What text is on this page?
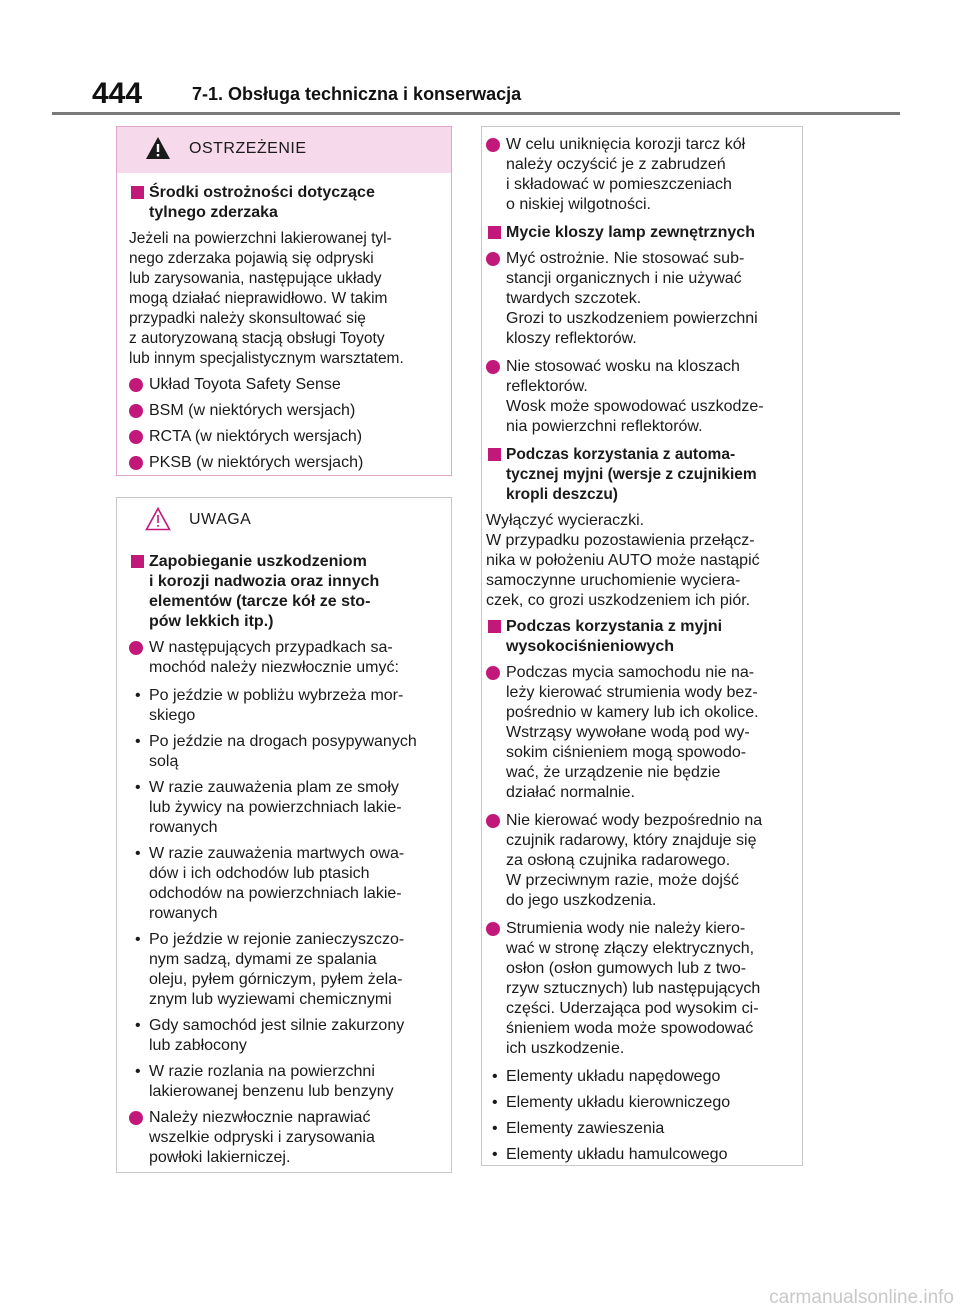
444	7-1. Obsługa techniczna i konserwacja
OSTRZEŻENIE
Środki ostrożności dotyczące
tylnego zderzaka
Jeżeli na powierzchni lakierowanej tyl-
nego zderzaka pojawią się odpryski
lub zarysowania, następujące układy
mogą działać nieprawidłowo. W takim
przypadki należy skonsultować się
z autoryzowaną stacją obsługi Toyoty
lub innym specjalistycznym warsztatem.
Układ Toyota Safety Sense
BSM (w niektórych wersjach)
RCTA (w niektórych wersjach)
PKSB (w niektórych wersjach)
UWAGA
Zapobieganie uszkodzeniom
i korozji nadwozia oraz innych
elementów (tarcze kół ze sto-
pów lekkich itp.)
W następujących przypadkach sa-
mochód należy niezwłocznie umyć:
• Po jeździe w pobliżu wybrzeża mor-
skiego
• Po jeździe na drogach posypywanych
solą
• W razie zauważenia plam ze smoły
lub żywicy na powierzchniach lakie-
rowanych
• W razie zauważenia martwych owa-
dów i ich odchodów lub ptasich
odchodów na powierzchniach lakie-
rowanych
• Po jeździe w rejonie zanieczyszczo-
nym sadzą, dymami ze spalania
oleju, pyłem górniczym, pyłem żela-
znym lub wyziewami chemicznymi
• Gdy samochód jest silnie zakurzony
lub zabłocony
• W razie rozlania na powierzchni
lakierowanej benzenu lub benzyny
Należy niezwłocznie naprawiać
wszelkie odpryski i zarysowania
powłoki lakierniczej.
W celu uniknięcia korozji tarcz kół
należy oczyścić je z zabrudzeń
i składować w pomieszczeniach
o niskiej wilgotności.
Mycie kloszy lamp zewnętrznych
Myć ostrożnie. Nie stosować sub-
stancji organicznych i nie używać
twardych szczotek.
Grozi to uszkodzeniem powierzchni
kloszy reflektorów.
Nie stosować wosku na kloszach
reflektorów.
Wosk może spowodować uszkodze-
nia powierzchni reflektorów.
Podczas korzystania z automa-
tycznej myjni (wersje z czujnikiem
kropli deszczu)
Wyłączyć wycieraczki.
W przypadku pozostawienia przełącz-
nika w położeniu AUTO może nastąpić
samoczynne uruchomienie wyciera-
czek, co grozi uszkodzeniem ich piór.
Podczas korzystania z myjni
wysokociśnieniowych
Podczas mycia samochodu nie na-
leży kierować strumienia wody bez-
pośrednio w kamery lub ich okolice.
Wstrząsy wywołane wodą pod wy-
sokim ciśnieniem mogą spowodo-
wać, że urządzenie nie będzie
działać normalnie.
Nie kierować wody bezpośrednio na
czujnik radarowy, który znajduje się
za osłoną czujnika radarowego.
W przeciwnym razie, może dojść
do jego uszkodzenia.
Strumienia wody nie należy kiero-
wać w stronę złączy elektrycznych,
osłon (osłon gumowych lub z two-
rzyw sztucznych) lub następujących
części. Uderzająca pod wysokim ci-
śnieniem woda może spowodować
ich uszkodzenie.
• Elementy układu napędowego
• Elementy układu kierowniczego
• Elementy zawieszenia
• Elementy układu hamulcowego
carmanualsonline.info
